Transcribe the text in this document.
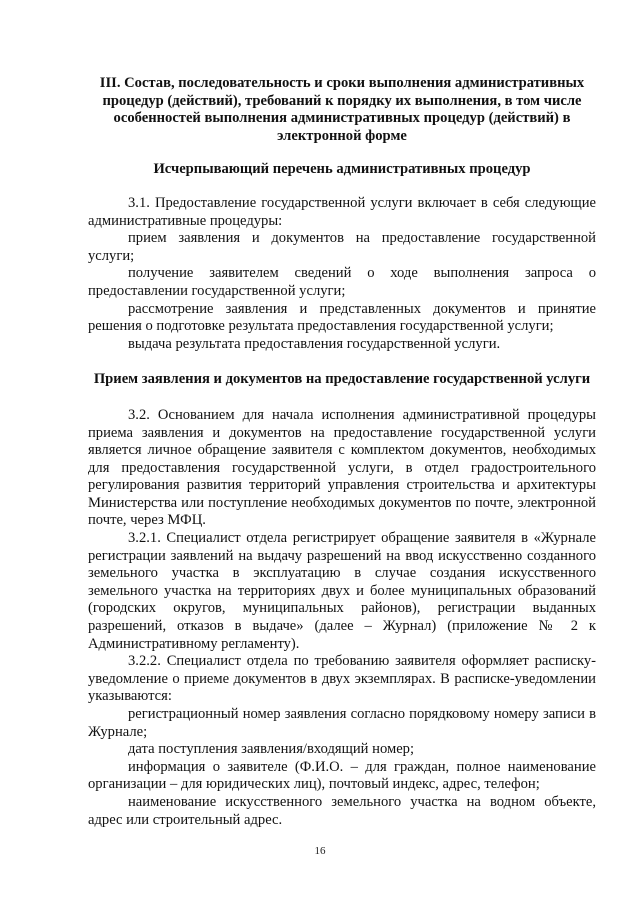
III. Состав, последовательность и сроки выполнения административных процедур (действий), требований к порядку их выполнения, в том числе особенностей выполнения административных процедур (действий) в электронной форме

Исчерпывающий перечень административных процедур

3.1. Предоставление государственной услуги включает в себя следующие административные процедуры:

прием заявления и документов на предоставление государственной услуги;

получение заявителем сведений о ходе выполнения запроса о предоставлении государственной услуги;

рассмотрение заявления и представленных документов и принятие решения о подготовке результата предоставления государственной услуги;

выдача результата предоставления государственной услуги.

Прием заявления и документов на предоставление государственной услуги

3.2. Основанием для начала исполнения административной процедуры приема заявления и документов на предоставление государственной услуги является личное обращение заявителя с комплектом документов, необходимых для предоставления государственной услуги, в отдел градостроительного регулирования развития территорий управления строительства и архитектуры Министерства или поступление необходимых документов по почте, электронной почте, через МФЦ.

3.2.1. Специалист отдела регистрирует обращение заявителя в «Журнале регистрации заявлений на выдачу разрешений на ввод искусственно созданного земельного участка в эксплуатацию в случае создания искусственного земельного участка на территориях двух и более муниципальных образований (городских округов, муниципальных районов), регистрации выданных разрешений, отказов в выдаче» (далее – Журнал) (приложение № 2 к Административному регламенту).

3.2.2. Специалист отдела по требованию заявителя оформляет расписку-уведомление о приеме документов в двух экземплярах. В расписке-уведомлении указываются:

регистрационный номер заявления согласно порядковому номеру записи в Журнале;

дата поступления заявления/входящий номер;

информация о заявителе (Ф.И.О. – для граждан, полное наименование организации – для юридических лиц), почтовый индекс, адрес, телефон;

наименование искусственного земельного участка на водном объекте, адрес или строительный адрес.

16
